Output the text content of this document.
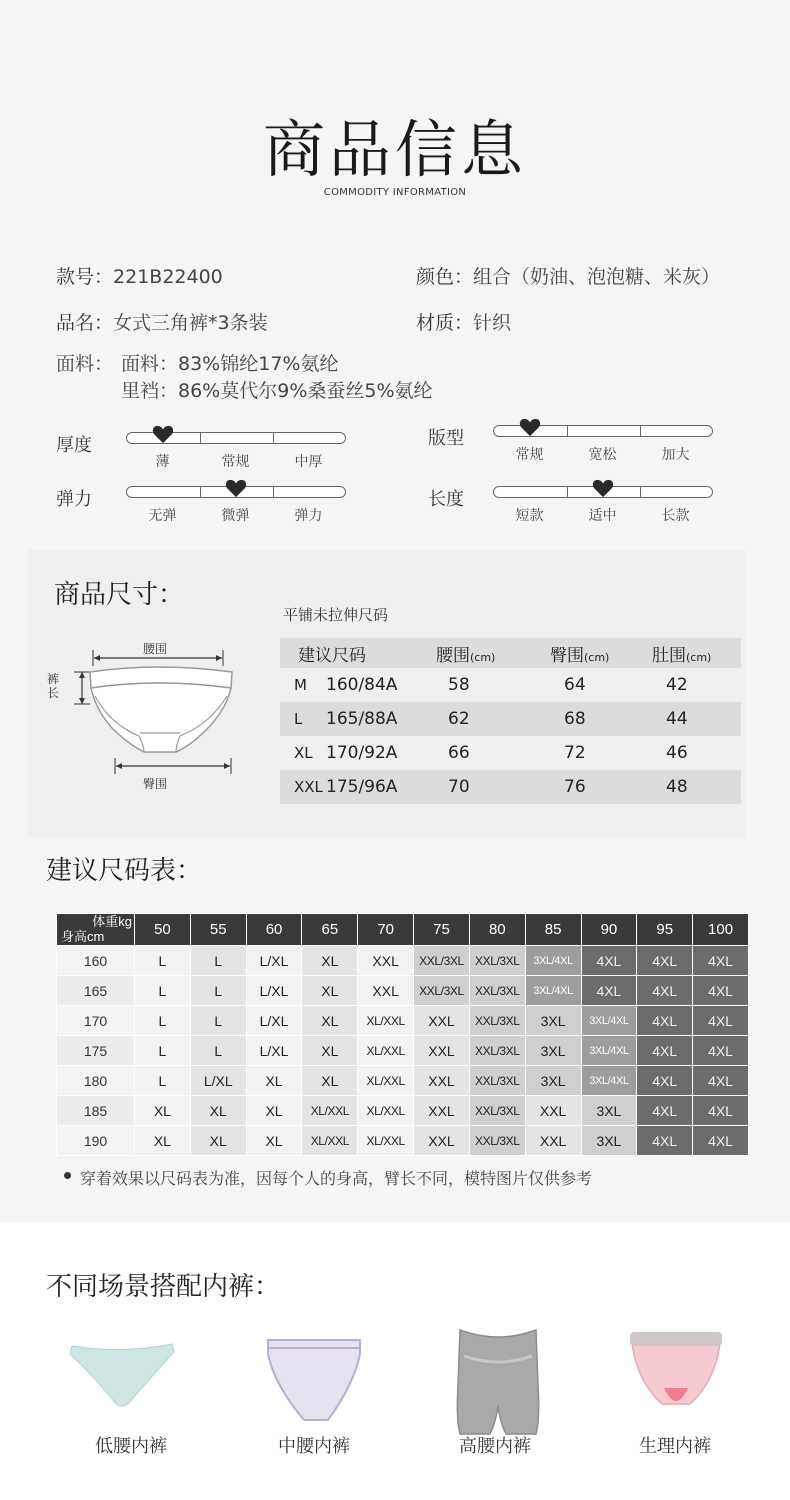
商品信息
COMMODITY INFORMATION
款号：221B22400	颜色：组合（奶油、泡泡糖、米灰）
品名：女式三角裤*3条装	材质：针织
面料： 面料：83%锦纶17%氨纶
里裆：86%莫代尔9%桑蚕丝5%氨纶
厚度
薄	常规	中厚
版型
常规	宽松	加大
弹力
无弹	微弹	弹力
长度
短款	适中	长款
商品尺寸：
平铺未拉伸尺码
腰围
裤长
臀围
建议尺码	腰围(cm)	臀围(cm)	肚围(cm)
M 160/84A	58	64	42
L 165/88A	62	68	44
XL 170/92A	66	72	46
XXL 175/96A	70	76	48
建议尺码表：
体重kg
身高cm	50	55	60	65	70	75	80	85	90	95	100
160	L	L	L/XL	XL	XXL	XXL/3XL	XXL/3XL	3XL/4XL	4XL	4XL	4XL
165	L	L	L/XL	XL	XXL	XXL/3XL	XXL/3XL	3XL/4XL	4XL	4XL	4XL
170	L	L	L/XL	XL	XL/XXL	XXL	XXL/3XL	3XL	3XL/4XL	4XL	4XL
175	L	L	L/XL	XL	XL/XXL	XXL	XXL/3XL	3XL	3XL/4XL	4XL	4XL
180	L	L/XL	XL	XL	XL/XXL	XXL	XXL/3XL	3XL	3XL/4XL	4XL	4XL
185	XL	XL	XL	XL/XXL	XL/XXL	XXL	XXL/3XL	XXL	3XL	4XL	4XL
190	XL	XL	XL	XL/XXL	XL/XXL	XXL	XXL/3XL	XXL	3XL	4XL	4XL
穿着效果以尺码表为准，因每个人的身高，臂长不同，模特图片仅供参考
不同场景搭配内裤：
低腰内裤	中腰内裤	高腰内裤	生理内裤
